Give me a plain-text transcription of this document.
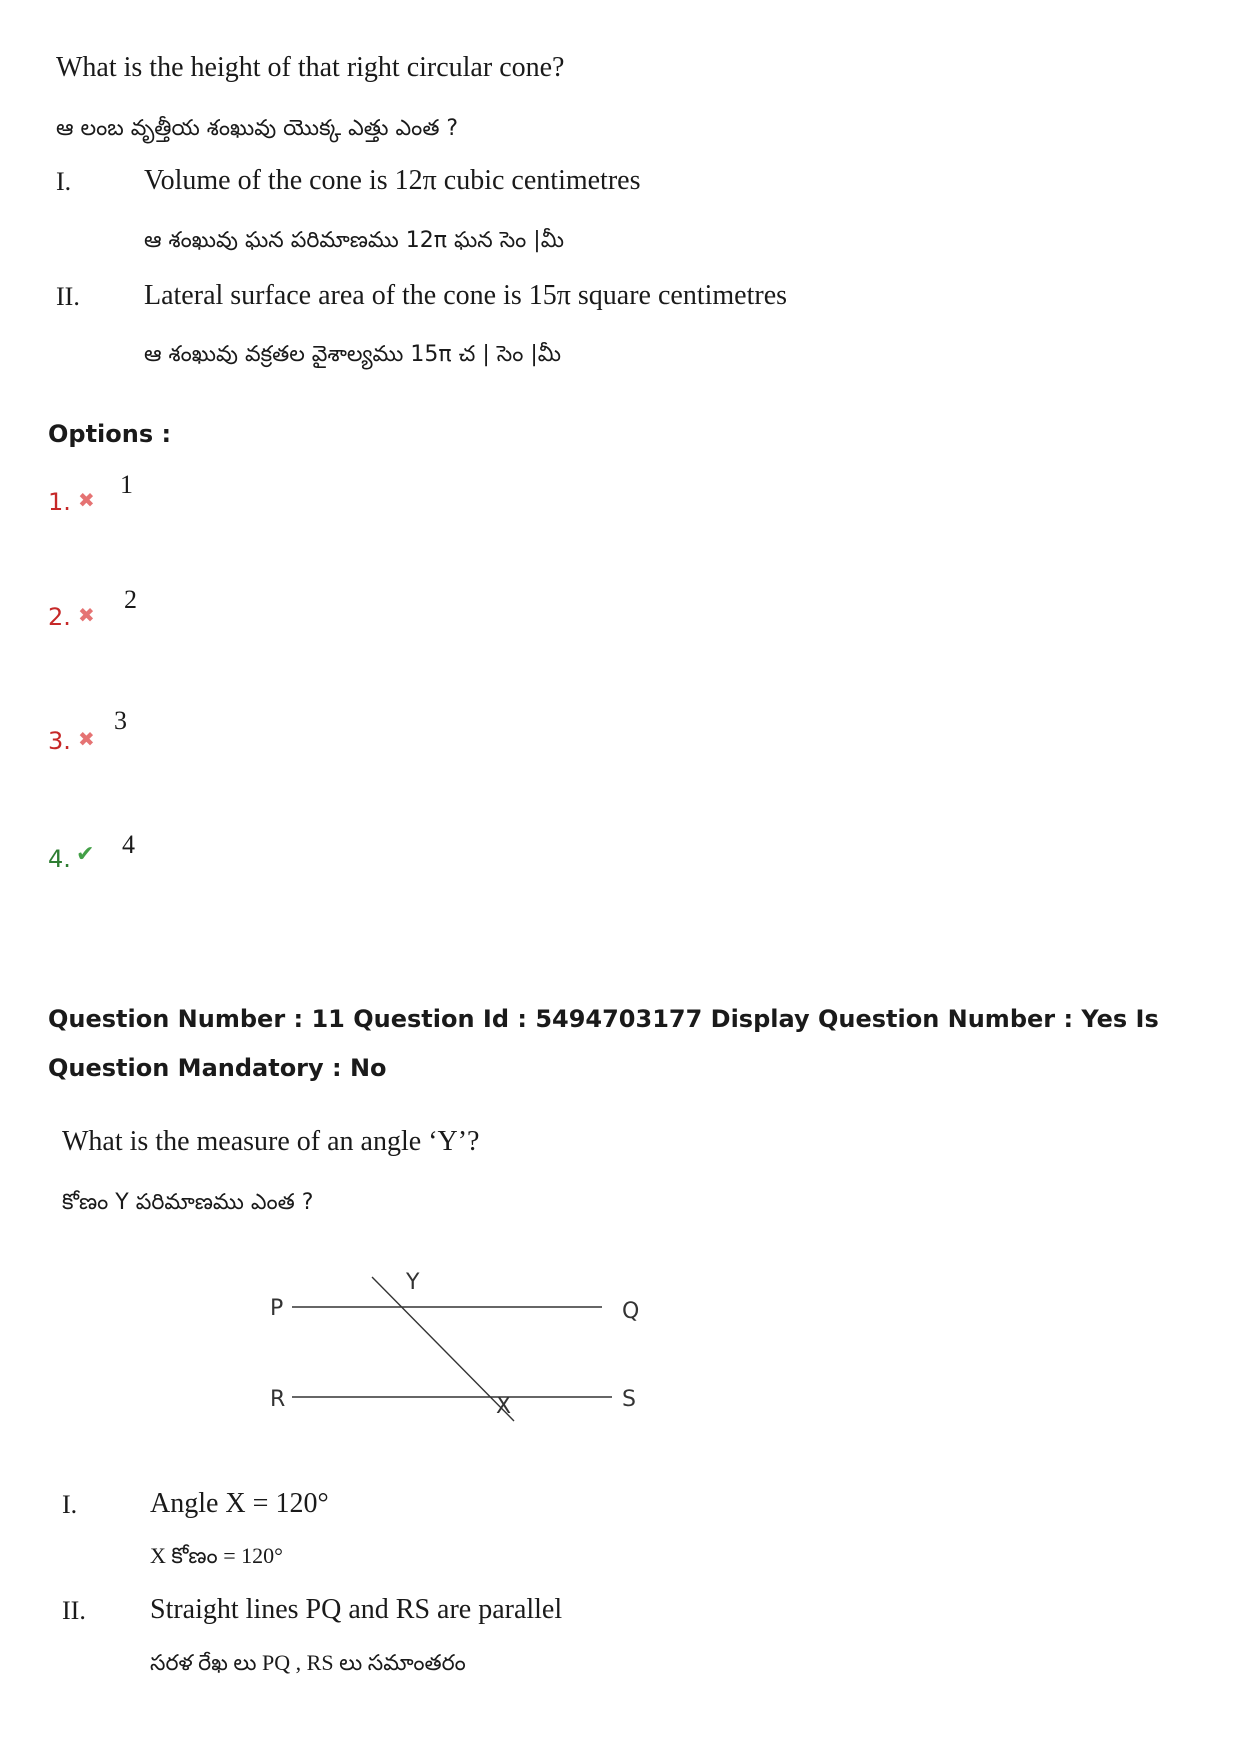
What is the height of that right circular cone?
ఆ లంబ వృత్తీయ శంఖువు యొక్క ఎత్తు ఎంత ?
I.	Volume of the cone is 12π cubic centimetres
ఆ శంఖువు ఘన పరిమాణము 12π ఘన సెం |మీ
II. Lateral surface area of the cone is 15π square centimetres
ఆ శంఖువు వక్రతల వైశాల్యము 15π చ | సెం |మీ
Options :
1. ✖
1
2. ✖
2
3. ✖
3
4. ✔ 4
Question Number : 11 Question Id : 5494703177 Display Question Number : Yes Is Question Mandatory : No
What is the measure of an angle ‘Y’?
కోణం Y పరిమాణము ఎంత ?
P	Q
R	S
Y
X
I.	Angle X = 120°
X కోణం = 120°
II. Straight lines PQ and RS are parallel
సరళ రేఖ లు PQ , RS లు సమాంతరం
